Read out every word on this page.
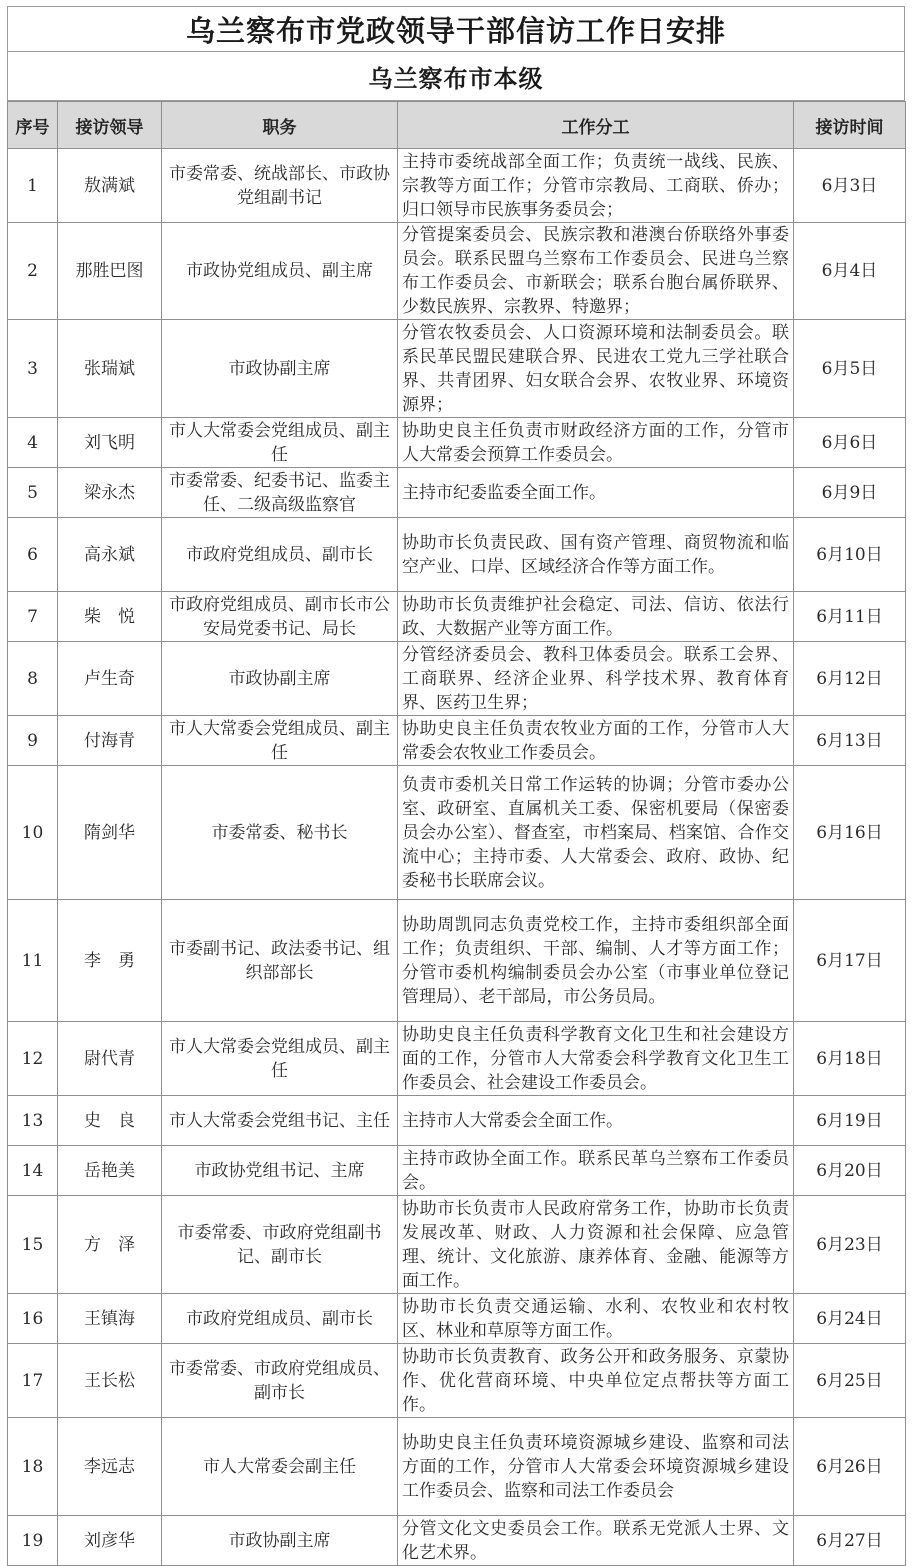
乌兰察布市党政领导干部信访工作日安排
乌兰察布市本级
序号	接访领导	职务	工作分工	接访时间
1	敖满斌	市委常委、统战部长、市政协党组副书记	主持市委统战部全面工作；负责统一战线、民族、宗教等方面工作；分管市宗教局、工商联、侨办；归口领导市民族事务委员会；	6月3日
2	那胜巴图	市政协党组成员、副主席	分管提案委员会、民族宗教和港澳台侨联络外事委员会。联系民盟乌兰察布工作委员会、民进乌兰察布工作委员会、市新联会；联系台胞台属侨联界、少数民族界、宗教界、特邀界；	6月4日
3	张瑞斌	市政协副主席	分管农牧委员会、人口资源环境和法制委员会。联系民革民盟民建联合界、民进农工党九三学社联合界、共青团界、妇女联合会界、农牧业界、环境资源界；	6月5日
4	刘飞明	市人大常委会党组成员、副主任	协助史良主任负责市财政经济方面的工作，分管市人大常委会预算工作委员会。	6月6日
5	梁永杰	市委常委、纪委书记、监委主任、二级高级监察官	主持市纪委监委全面工作。	6月9日
6	高永斌	市政府党组成员、副市长	协助市长负责民政、国有资产管理、商贸物流和临空产业、口岸、区域经济合作等方面工作。	6月10日
7	柴　悦	市政府党组成员、副市长市公安局党委书记、局长	协助市长负责维护社会稳定、司法、信访、依法行政、大数据产业等方面工作。	6月11日
8	卢生奇	市政协副主席	分管经济委员会、教科卫体委员会。联系工会界、工商联界、经济企业界、科学技术界、教育体育界、医药卫生界；	6月12日
9	付海青	市人大常委会党组成员、副主任	协助史良主任负责农牧业方面的工作，分管市人大常委会农牧业工作委员会。	6月13日
10	隋剑华	市委常委、秘书长	负责市委机关日常工作运转的协调；分管市委办公室、政研室、直属机关工委、保密机要局（保密委员会办公室）、督查室，市档案局、档案馆、合作交流中心；主持市委、人大常委会、政府、政协、纪委秘书长联席会议。	6月16日
11	李　勇	市委副书记、政法委书记、组织部部长	协助周凯同志负责党校工作，主持市委组织部全面工作；负责组织、干部、编制、人才等方面工作；分管市委机构编制委员会办公室（市事业单位登记管理局）、老干部局，市公务员局。	6月17日
12	尉代青	市人大常委会党组成员、副主任	协助史良主任负责科学教育文化卫生和社会建设方面的工作，分管市人大常委会科学教育文化卫生工作委员会、社会建设工作委员会。	6月18日
13	史　良	市人大常委会党组书记、主任	主持市人大常委会全面工作。	6月19日
14	岳艳美	市政协党组书记、主席	主持市政协全面工作。联系民革乌兰察布工作委员会。	6月20日
15	方　泽	市委常委、市政府党组副书记、副市长	协助市长负责市人民政府常务工作，协助市长负责发展改革、财政、人力资源和社会保障、应急管理、统计、文化旅游、康养体育、金融、能源等方面工作。	6月23日
16	王镇海	市政府党组成员、副市长	协助市长负责交通运输、水利、农牧业和农村牧区、林业和草原等方面工作。	6月24日
17	王长松	市委常委、市政府党组成员、副市长	协助市长负责教育、政务公开和政务服务、京蒙协作、优化营商环境、中央单位定点帮扶等方面工作。	6月25日
18	李远志	市人大常委会副主任	协助史良主任负责环境资源城乡建设、监察和司法方面的工作，分管市人大常委会环境资源城乡建设工作委员会、监察和司法工作委员会	6月26日
19	刘彦华	市政协副主席	分管文化文史委员会工作。联系无党派人士界、文化艺术界。	6月27日
